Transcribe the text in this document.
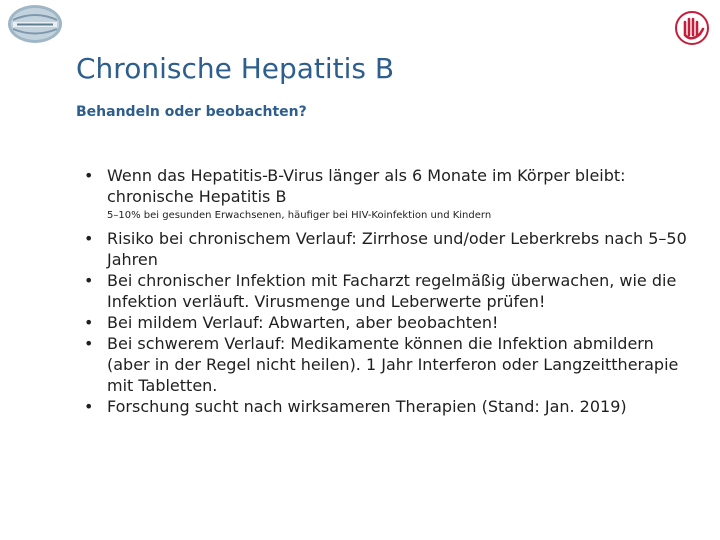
Chronische Hepatitis B
Behandeln oder beobachten?
• Wenn das Hepatitis-B-Virus länger als 6 Monate im Körper bleibt: chronische Hepatitis B
5–10% bei gesunden Erwachsenen, häufiger bei HIV-Koinfektion und Kindern
• Risiko bei chronischem Verlauf: Zirrhose und/oder Leberkrebs nach 5–50 Jahren
• Bei chronischer Infektion mit Facharzt regelmäßig überwachen, wie die Infektion verläuft. Virusmenge und Leberwerte prüfen!
• Bei mildem Verlauf: Abwarten, aber beobachten!
• Bei schwerem Verlauf: Medikamente können die Infektion abmildern (aber in der Regel nicht heilen). 1 Jahr Interferon oder Langzeittherapie mit Tabletten.
• Forschung sucht nach wirksameren Therapien (Stand: Jan. 2019)
